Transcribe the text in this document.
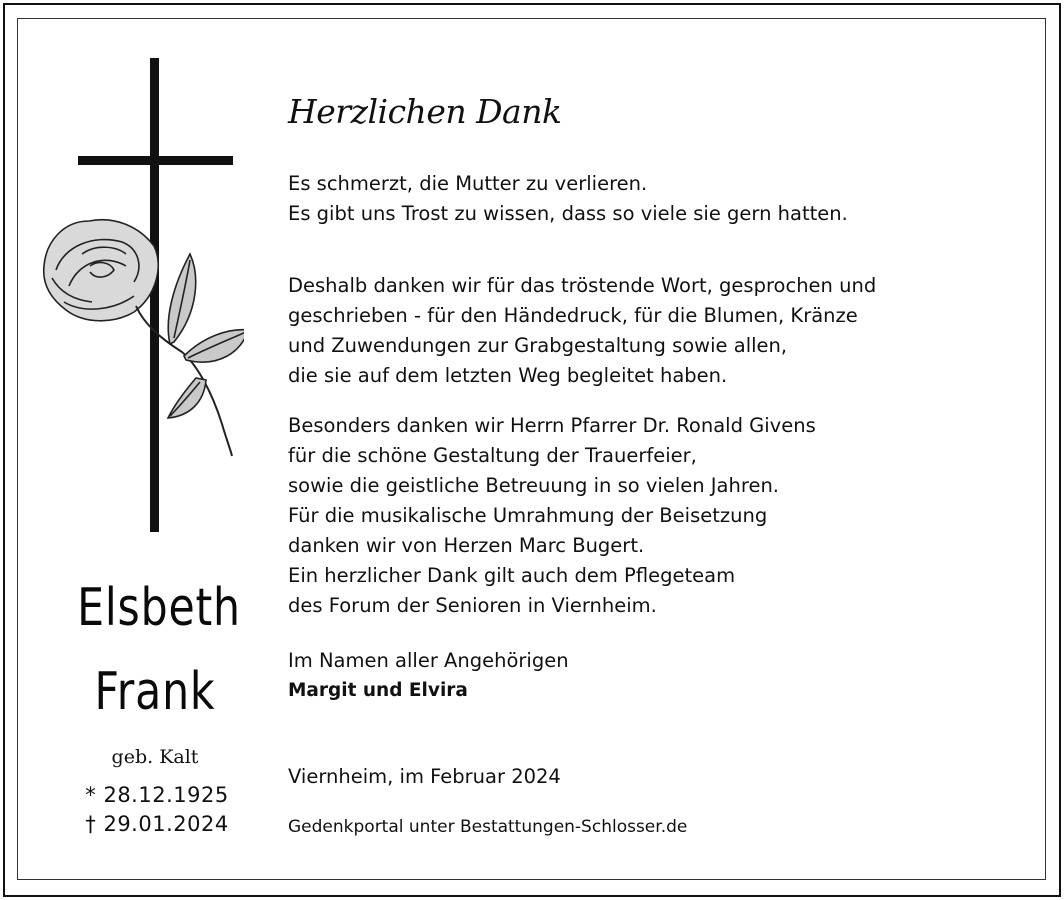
Herzlichen Dank
Es schmerzt, die Mutter zu verlieren.
Es gibt uns Trost zu wissen, dass so viele sie gern hatten.
Deshalb danken wir für das tröstende Wort, gesprochen und
geschrieben - für den Händedruck, für die Blumen, Kränze
und Zuwendungen zur Grabgestaltung sowie allen,
die sie auf dem letzten Weg begleitet haben.
Besonders danken wir Herrn Pfarrer Dr. Ronald Givens
für die schöne Gestaltung der Trauerfeier,
sowie die geistliche Betreuung in so vielen Jahren.
Für die musikalische Umrahmung der Beisetzung
danken wir von Herzen Marc Bugert.
Ein herzlicher Dank gilt auch dem Pflegeteam
des Forum der Senioren in Viernheim.
Im Namen aller Angehörigen
Margit und Elvira
Viernheim, im Februar 2024
Gedenkportal unter Bestattungen-Schlosser.de
Elsbeth
Frank
geb. Kalt
* 28.12.1925
† 29.01.2024
